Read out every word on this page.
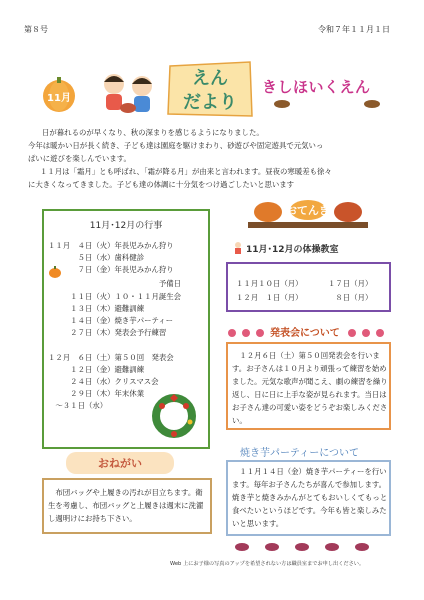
第８号	令和７年１１月１日
11月
えん
だより
きしほいくえん
日が暮れるのが早くなり、秋の深まりを感じるようになりました。
今年は暖かい日が長く続き、子ども達は園庭を駆けまわり、砂遊びや固定遊具で元気いっ
ぱいに遊びを楽しんでいます。
１１月は「霜月」とも呼ばれ、「霜が降る月」が由来と言われます。昼夜の寒暖差も徐々
に大きくなってきました。子ども達の体調に十分気をつけ過ごしたいと思います
11月･12月の行事
１１月　４日（火）年長児みかん狩り
　　　　５日（水）歯科健診
　　　　７日（金）年長児みかん狩り
　　　　　　　　　　　　　　　予備日
　　　１１日（火）１０・１１月誕生会
　　　１３日（木）避難訓練
　　　１４日（金）焼き芋パーティー
　　　２７日（木）発表会予行練習
１２月　６日（土）第５０回　発表会
　　　１２日（金）避難訓練
　　　２４日（水）クリスマス会
　　　２９日（木）年末休業
　～３１日（水）
おてんき
11月･12月の体操教室
１１月１０日（月）	１７日（月）
１２月　１日（月）	　８日（月）
発表会について
　１２月６日（土）第５０回発表会を行います。お子さんは１０月より頑張って練習を始めました。元気な歌声が聞こえ、劇の練習を繰り返し、日に日に上手な姿が見られます。当日はお子さん達の可愛い姿をどうぞお楽しみください。
おねがい
　布団バッグや上履きの汚れが目立ちます。衛生を考慮し、布団バッグと上履きは週末に洗濯し週明けにお持ち下さい。
焼き芋パーティーについて
　１１月１４日（金）焼き芋パーティーを行います。毎年お子さんたちが喜んで参加します。焼き芋と焼きみかんがとてもおいしくてもっと食べたいというほどです。今年も皆と楽しみたいと思います。
Web 上にお子様の写真のアップを希望されない方は職員室までお申し出ください。
